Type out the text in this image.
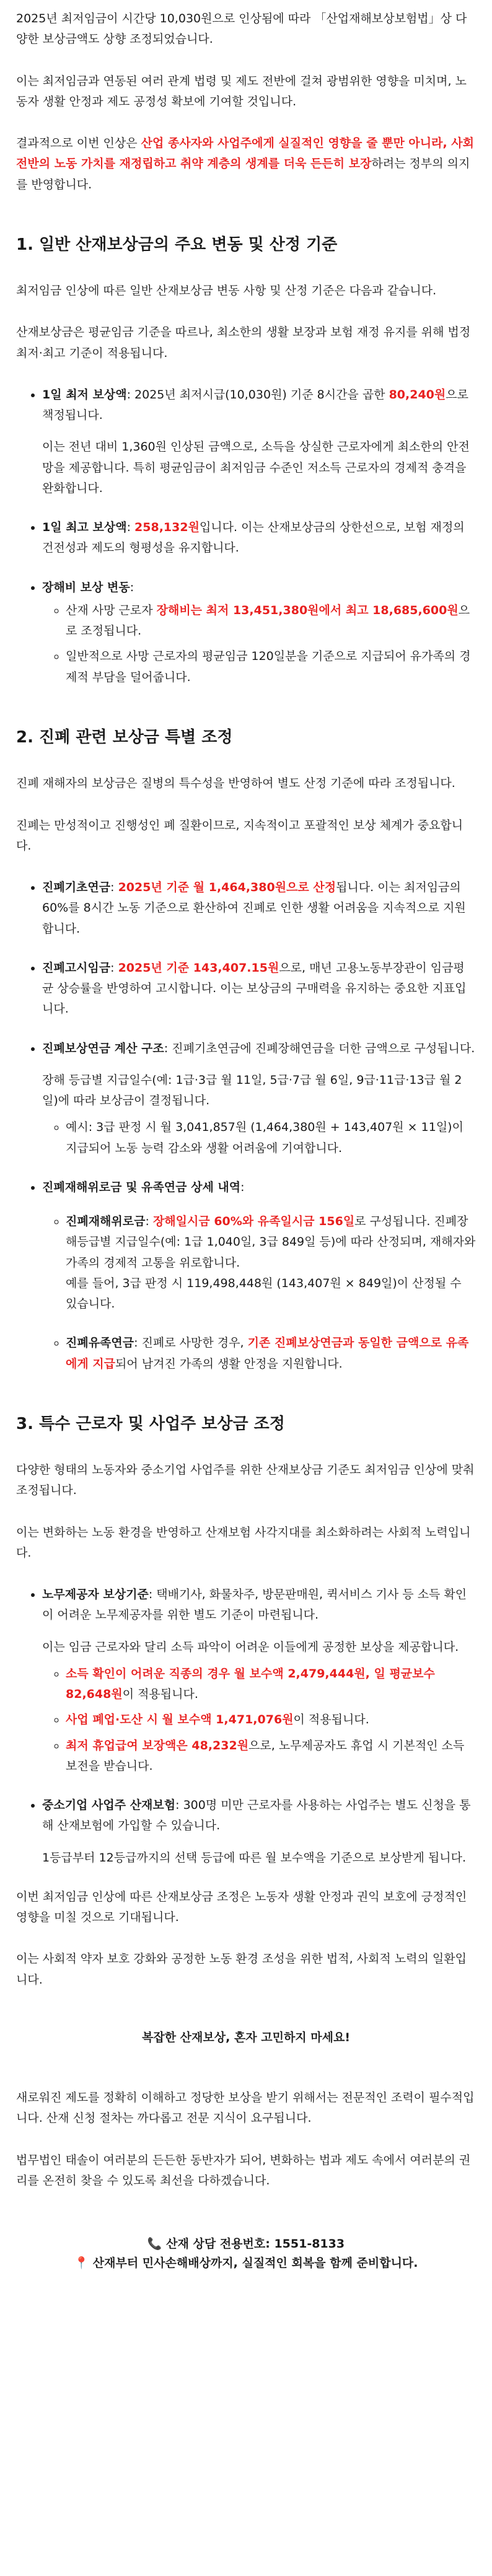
2025년 최저임금이 시간당 10,030원으로 인상됨에 따라 「산업재해보상보험법」상 다양한 보상금액도 상향 조정되었습니다.

이는 최저임금과 연동된 여러 관계 법령 및 제도 전반에 걸쳐 광범위한 영향을 미치며, 노동자 생활 안정과 제도 공정성 확보에 기여할 것입니다.

결과적으로 이번 인상은 산업 종사자와 사업주에게 실질적인 영향을 줄 뿐만 아니라, 사회 전반의 노동 가치를 재정립하고 취약 계층의 생계를 더욱 든든히 보장하려는 정부의 의지를 반영합니다.

1. 일반 산재보상금의 주요 변동 및 산정 기준

최저임금 인상에 따른 일반 산재보상금 변동 사항 및 산정 기준은 다음과 같습니다.

산재보상금은 평균임금 기준을 따르나, 최소한의 생활 보장과 보험 재정 유지를 위해 법정 최저·최고 기준이 적용됩니다.

• 1일 최저 보상액: 2025년 최저시급(10,030원) 기준 8시간을 곱한 80,240원으로 책정됩니다.
이는 전년 대비 1,360원 인상된 금액으로, 소득을 상실한 근로자에게 최소한의 안전망을 제공합니다. 특히 평균임금이 최저임금 수준인 저소득 근로자의 경제적 충격을 완화합니다.
• 1일 최고 보상액: 258,132원입니다. 이는 산재보상금의 상한선으로, 보험 재정의 건전성과 제도의 형평성을 유지합니다.
• 장해비 보상 변동:
◦ 산재 사망 근로자 장해비는 최저 13,451,380원에서 최고 18,685,600원으로 조정됩니다.
◦ 일반적으로 사망 근로자의 평균임금 120일분을 기준으로 지급되어 유가족의 경제적 부담을 덜어줍니다.
2. 진폐 관련 보상금 특별 조정

진폐 재해자의 보상금은 질병의 특수성을 반영하여 별도 산정 기준에 따라 조정됩니다.

진폐는 만성적이고 진행성인 폐 질환이므로, 지속적이고 포괄적인 보상 체계가 중요합니다.

• 진폐기초연금: 2025년 기준 월 1,464,380원으로 산정됩니다. 이는 최저임금의 60%를 8시간 노동 기준으로 환산하여 진폐로 인한 생활 어려움을 지속적으로 지원합니다.
• 진폐고시임금: 2025년 기준 143,407.15원으로, 매년 고용노동부장관이 임금평균 상승률을 반영하여 고시합니다. 이는 보상금의 구매력을 유지하는 중요한 지표입니다.
• 진폐보상연금 계산 구조: 진폐기초연금에 진폐장해연금을 더한 금액으로 구성됩니다.
장해 등급별 지급일수(예: 1급·3급 월 11일, 5급·7급 월 6일, 9급·11급·13급 월 2일)에 따라 보상금이 결정됩니다.
◦ 예시: 3급 판정 시 월 3,041,857원 (1,464,380원 + 143,407원 × 11일)이 지급되어 노동 능력 감소와 생활 어려움에 기여합니다.
• 진폐재해위로금 및 유족연금 상세 내역:
◦ 진폐재해위로금: 장해일시금 60%와 유족일시금 156일로 구성됩니다. 진폐장해등급별 지급일수(예: 1급 1,040일, 3급 849일 등)에 따라 산정되며, 재해자와 가족의 경제적 고통을 위로합니다.
예를 들어, 3급 판정 시 119,498,448원 (143,407원 × 849일)이 산정될 수 있습니다.
◦ 진폐유족연금: 진폐로 사망한 경우, 기존 진폐보상연금과 동일한 금액으로 유족에게 지급되어 남겨진 가족의 생활 안정을 지원합니다.
3. 특수 근로자 및 사업주 보상금 조정

다양한 형태의 노동자와 중소기업 사업주를 위한 산재보상금 기준도 최저임금 인상에 맞춰 조정됩니다.

이는 변화하는 노동 환경을 반영하고 산재보험 사각지대를 최소화하려는 사회적 노력입니다.

• 노무제공자 보상기준: 택배기사, 화물차주, 방문판매원, 퀵서비스 기사 등 소득 확인이 어려운 노무제공자를 위한 별도 기준이 마련됩니다.
이는 임금 근로자와 달리 소득 파악이 어려운 이들에게 공정한 보상을 제공합니다.
◦ 소득 확인이 어려운 직종의 경우 월 보수액 2,479,444원, 일 평균보수 82,648원이 적용됩니다.
◦ 사업 폐업·도산 시 월 보수액 1,471,076원이 적용됩니다.
◦ 최저 휴업급여 보장액은 48,232원으로, 노무제공자도 휴업 시 기본적인 소득 보전을 받습니다.
• 중소기업 사업주 산재보험: 300명 미만 근로자를 사용하는 사업주는 별도 신청을 통해 산재보험에 가입할 수 있습니다.
1등급부터 12등급까지의 선택 등급에 따른 월 보수액을 기준으로 보상받게 됩니다.

이번 최저임금 인상에 따른 산재보상금 조정은 노동자 생활 안정과 권익 보호에 긍정적인 영향을 미칠 것으로 기대됩니다.

이는 사회적 약자 보호 강화와 공정한 노동 환경 조성을 위한 법적, 사회적 노력의 일환입니다.

복잡한 산재보상, 혼자 고민하지 마세요!

새로워진 제도를 정확히 이해하고 정당한 보상을 받기 위해서는 전문적인 조력이 필수적입니다. 산재 신청 절차는 까다롭고 전문 지식이 요구됩니다.

법무법인 태솔이 여러분의 든든한 동반자가 되어, 변화하는 법과 제도 속에서 여러분의 권리를 온전히 찾을 수 있도록 최선을 다하겠습니다.

📞 산재 상담 전용번호: 1551-8133
📍 산재부터 민사손해배상까지, 실질적인 회복을 함께 준비합니다.
